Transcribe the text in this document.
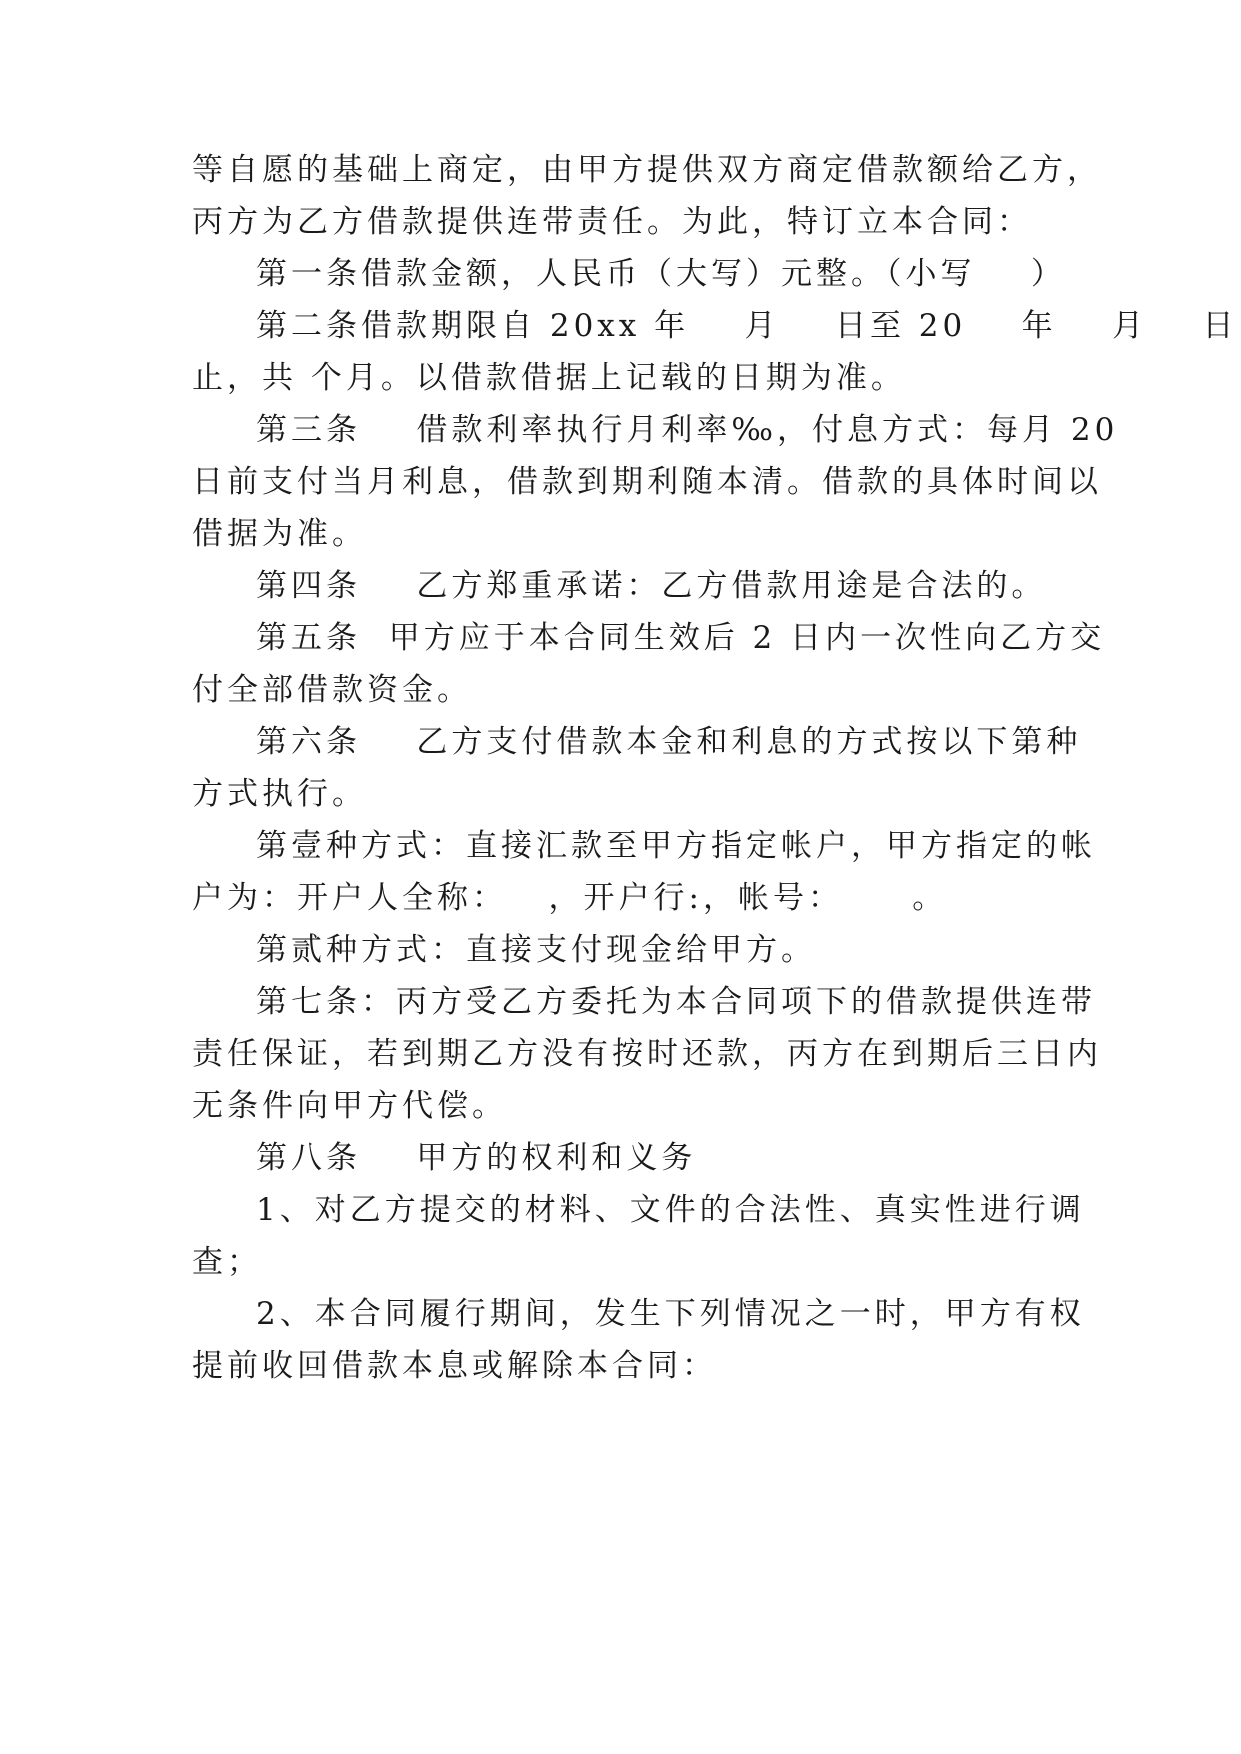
等自愿的基础上商定，由甲方提供双方商定借款额给乙方，
丙方为乙方借款提供连带责任。为此，特订立本合同：
第一条借款金额，人民币（大写）元整。（小写    ）
第二条借款期限自 20xx 年    月    日至 20    年    月    日
止，共 个月。以借款借据上记载的日期为准。
第三条    借款利率执行月利率‰，付息方式：每月 20
日前支付当月利息，借款到期利随本清。借款的具体时间以
借据为准。
第四条    乙方郑重承诺：乙方借款用途是合法的。
第五条  甲方应于本合同生效后 2 日内一次性向乙方交
付全部借款资金。
第六条    乙方支付借款本金和利息的方式按以下第种
方式执行。
第壹种方式：直接汇款至甲方指定帐户，甲方指定的帐
户为：开户人全称：   ，开户行:，帐号：     。
第贰种方式：直接支付现金给甲方。
第七条：丙方受乙方委托为本合同项下的借款提供连带
责任保证，若到期乙方没有按时还款，丙方在到期后三日内
无条件向甲方代偿。
第八条    甲方的权利和义务
1、对乙方提交的材料、文件的合法性、真实性进行调
查；
2、本合同履行期间，发生下列情况之一时，甲方有权
提前收回借款本息或解除本合同：
